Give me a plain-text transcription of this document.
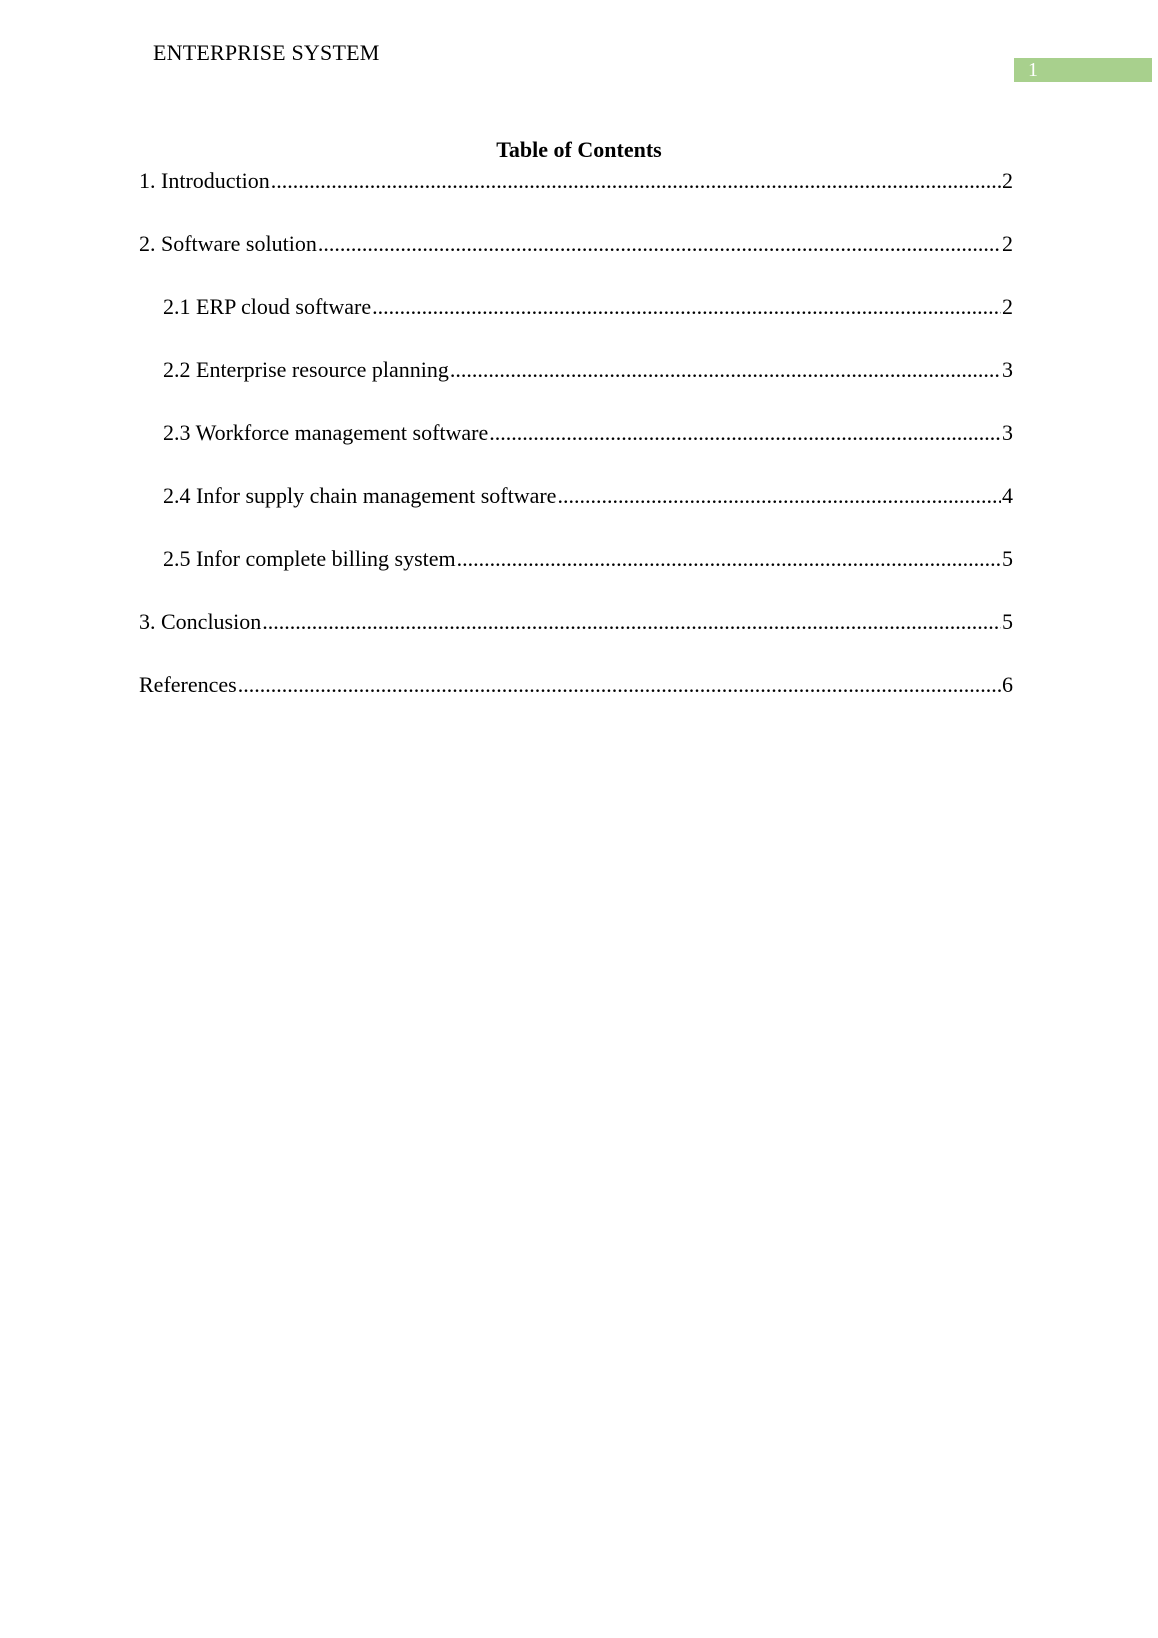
ENTERPRISE SYSTEM
1
Table of Contents
1. Introduction .....	2
2. Software solution .....	2
2.1 ERP cloud software .....	2
2.2 Enterprise resource planning .....	3
2.3 Workforce management software .....	3
2.4 Infor supply chain management software .....	4
2.5 Infor complete billing system .....	5
3. Conclusion .....	5
References .....	6
